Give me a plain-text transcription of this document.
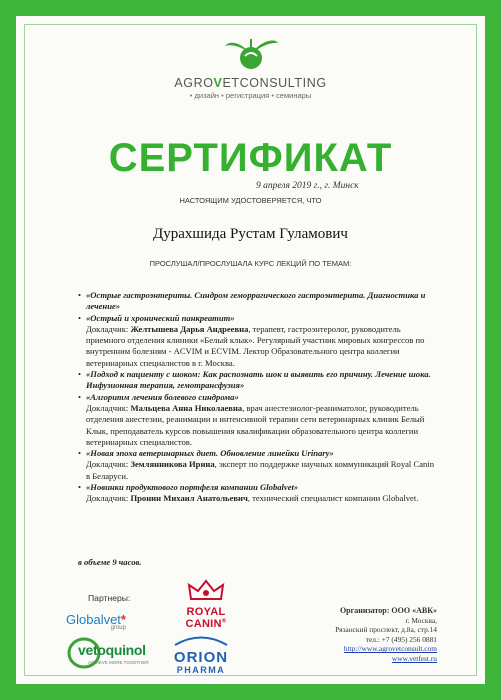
AGROVETCONSULTING
• дизайн • регистрация • семинары
СЕРТИФИКАТ
9 апреля 2019 г., г. Минск
НАСТОЯЩИМ УДОСТОВЕРЯЕТСЯ, ЧТО
Дурахшида Рустам Гуламович
ПРОСЛУШАЛ/ПРОСЛУШАЛА КУРС ЛЕКЦИЙ ПО ТЕМАМ:
• «Острые гастроэнтериты. Синдром геморрагического гастроэнтерита. Диагностика и лечение»
• «Острый и хронический панкреатит»
Докладчик: Желтышева Дарья Андреевна, терапевт, гастроэнтеролог, руководитель приемного отделения клиники «Белый клык». Регулярный участник мировых конгрессов по внутренним болезням - ACVIM и ECVIM. Лектор Образовательного центра коллегии ветеринарных специалистов в г. Москва.
• «Подход к пациенту с шоком: Как распознать шок и выявить его причину. Лечение шока. Инфузионная терапия, гемотрансфузия»
• «Алгоритм лечения болевого синдрома»
Докладчик: Мальцева Анна Николаевна, врач анестезиолог-реаниматолог, руководитель отделения анестезии, реанимации и интенсивной терапии сети ветеринарных клиник Белый Клык, преподаватель курсов повышения квалификации образовательного центра коллегии ветеринарных специалистов.
• «Новая эпоха ветеринарных диет. Обновление линейки Urinary»
Докладчик: Землянникова Ирина, эксперт по поддержке научных коммуникаций Royal Canin в Беларуси.
• «Новинки продуктового портфеля компании Globalvet»
Докладчик: Пронин Михаил Анатольевич, технический специалист компании Globalvet.
в объеме 9 часов.
Партнеры:
Globalvet*
group
ROYAL CANIN®
vetoquinol
ACHIEVE MORE TOGETHER	ORION
PHARMA
Организатор: ООО «АВК»
г. Москва,
Рязанский проспект, д.8а, стр.14
тел.: +7 (495) 256 0881
http://www.agrovetconsult.com
www.vetfest.ru
